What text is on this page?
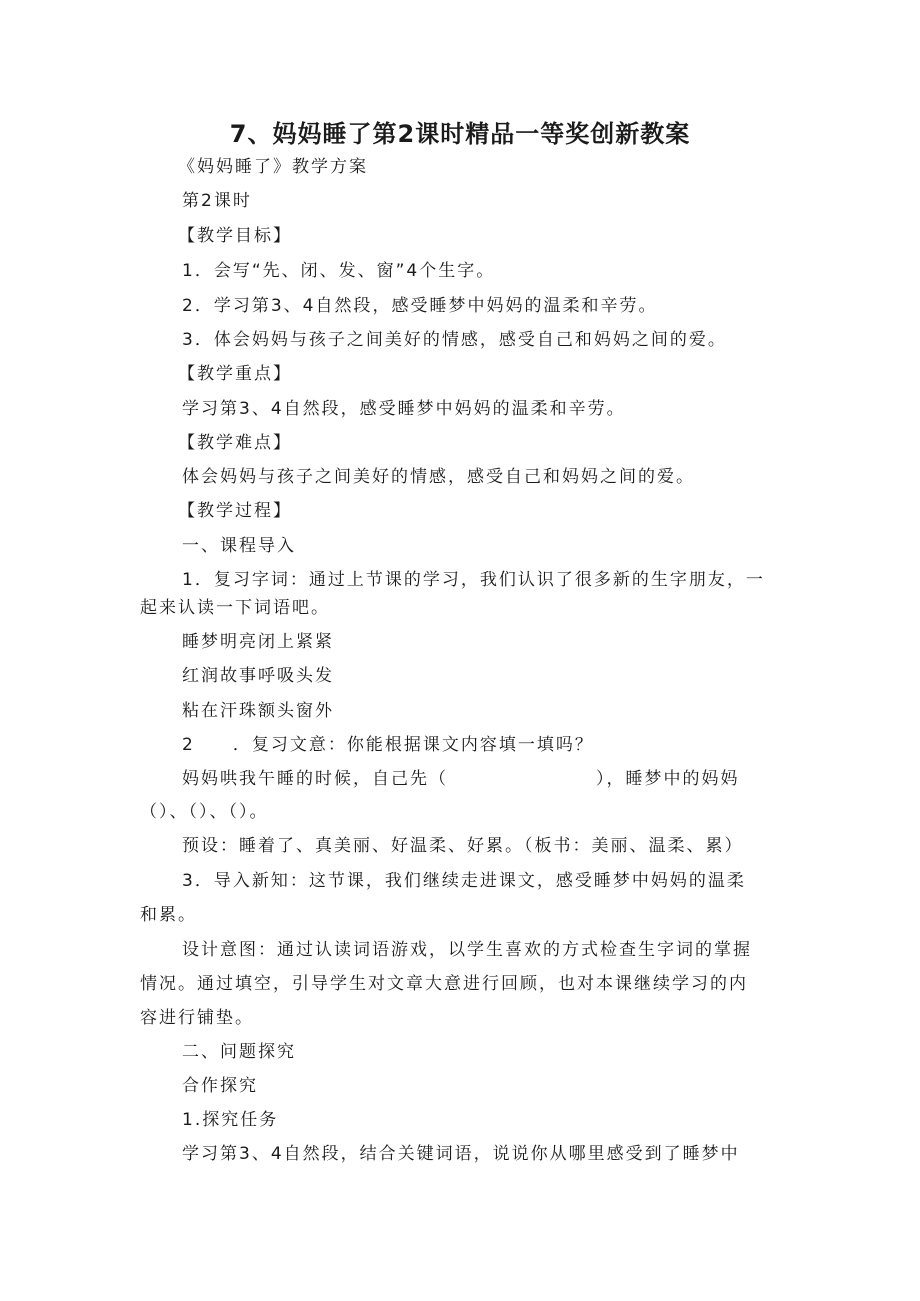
7、妈妈睡了第2课时精品一等奖创新教案
《妈妈睡了》教学方案
第2课时
【教学目标】
1．会写“先、闭、发、窗”4个生字。
2．学习第3、4自然段，感受睡梦中妈妈的温柔和辛劳。
3．体会妈妈与孩子之间美好的情感，感受自己和妈妈之间的爱。
【教学重点】
学习第3、4自然段，感受睡梦中妈妈的温柔和辛劳。
【教学难点】
体会妈妈与孩子之间美好的情感，感受自己和妈妈之间的爱。
【教学过程】
一、课程导入
1．复习字词：通过上节课的学习，我们认识了很多新的生字朋友，一
起来认读一下词语吧。
睡梦明亮闭上紧紧
红润故事呼吸头发
粘在汗珠额头窗外
2　　．复习文意：你能根据课文内容填一填吗？
妈妈哄我午睡的时候，自己先（	），睡梦中的妈妈
（）、（）、（）。
预设：睡着了、真美丽、好温柔、好累。（板书：美丽、温柔、累）
3．导入新知：这节课，我们继续走进课文，感受睡梦中妈妈的温柔
和累。
设计意图：通过认读词语游戏，以学生喜欢的方式检查生字词的掌握
情况。通过填空，引导学生对文章大意进行回顾，也对本课继续学习的内
容进行铺垫。
二、问题探究
合作探究
1.探究任务
学习第3、4自然段，结合关键词语，说说你从哪里感受到了睡梦中
